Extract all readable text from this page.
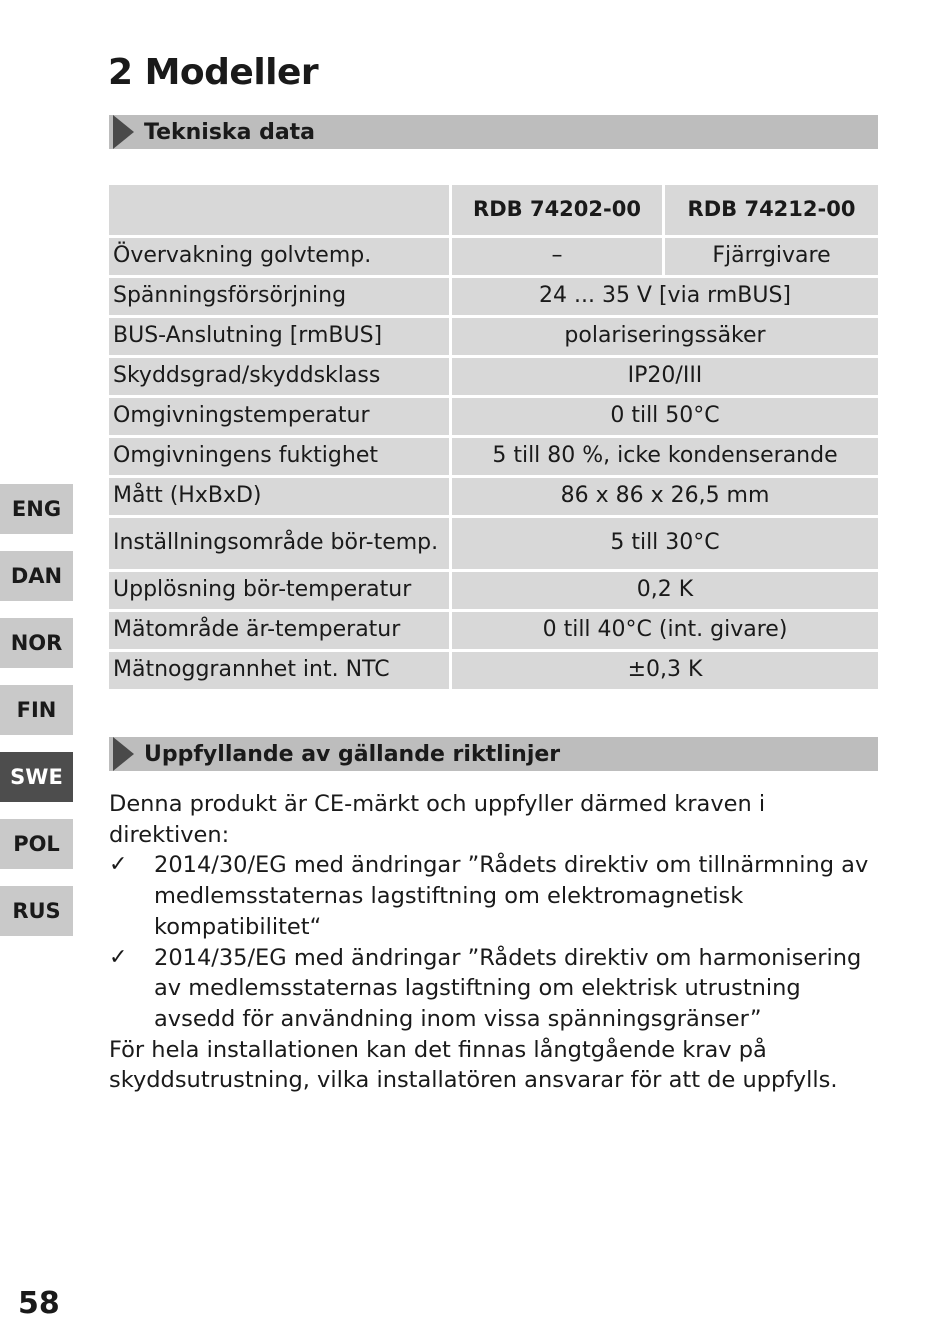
2 Modeller
Tekniska data
	RDB 74202-00	RDB 74212-00
Övervakning golvtemp.	–	Fjärrgivare
Spänningsförsörjning	24 ... 35 V [via rmBUS]	
BUS-Anslutning [rmBUS]	polariseringssäker	
Skyddsgrad/skyddsklass	IP20/III	
Omgivningstemperatur	0 till 50°C	
Omgivningens fuktighet	5 till 80 %, icke kondenserande	
Mått (HxBxD)	86 x 86 x 26,5 mm	
Inställningsområde bör-temp.	5 till 30°C	
Upplösning bör-temperatur	0,2 K	
Mätområde är-temperatur	0 till 40°C (int. givare)	
Mätnoggrannhet int. NTC	±0,3 K	
Uppfyllande av gällande riktlinjer

Denna produkt är CE-märkt och uppfyller därmed kraven i direktiven:

✓ 2014/30/EG med ändringar ”Rådets direktiv om tillnärmning av medlemsstaternas lagstiftning om elektromagnetisk kompatibilitet“
✓ 2014/35/EG med ändringar ”Rådets direktiv om harmonisering av medlemsstaternas lagstiftning om elektrisk utrustning avsedd för användning inom vissa spänningsgränser”

För hela installationen kan det finnas långtgående krav på skyddsutrustning, vilka installatören ansvarar för att de uppfylls.

ENG
DAN
NOR
FIN
SWE
POL
RUS
58
